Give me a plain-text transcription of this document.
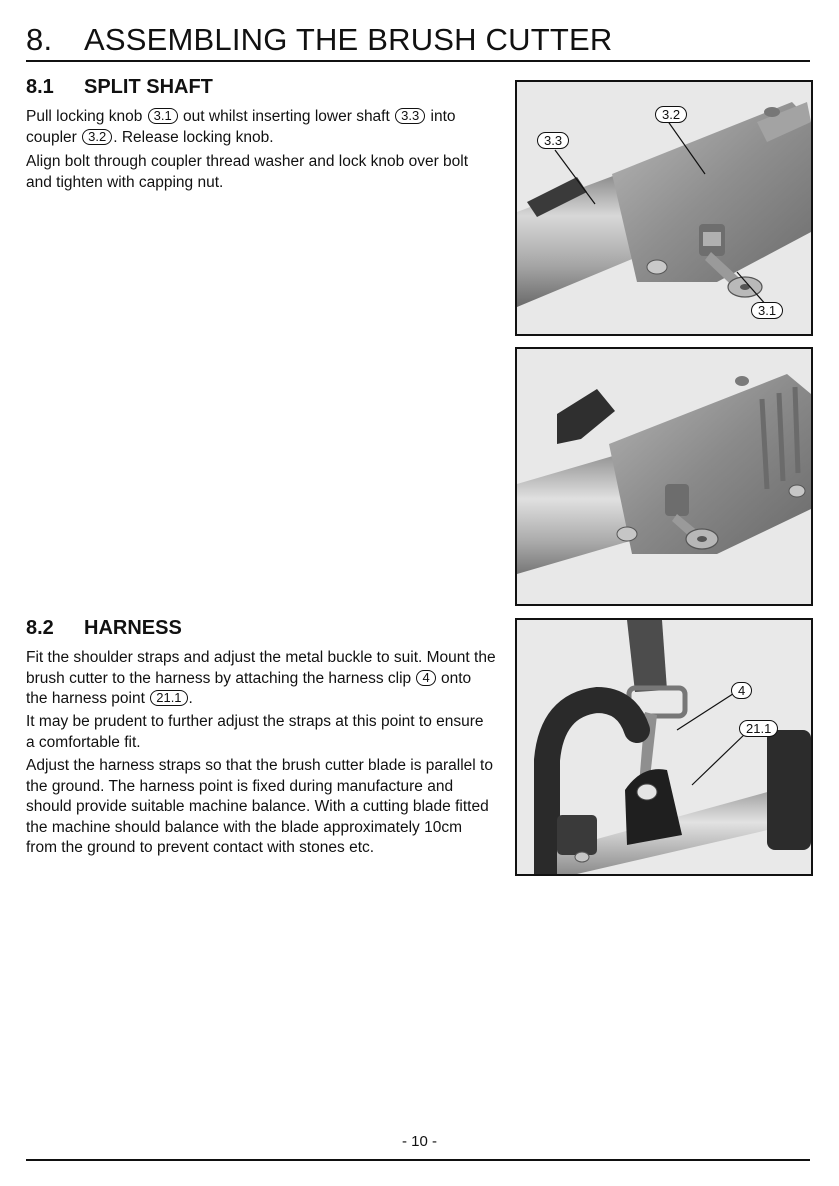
8. ASSEMBLING THE BRUSH CUTTER
8.1 SPLIT SHAFT

Pull locking knob 3.1 out whilst inserting lower shaft 3.3 into coupler 3.2 . Release locking knob.

Align bolt through coupler thread washer and lock knob over bolt and tighten with capping nut.

3.2
3.3
3.1
8.2 HARNESS

Fit the shoulder straps and adjust the metal buckle to suit. Mount the brush cutter to the harness by attaching the harness clip 4 onto the harness point 21.1 .

It may be prudent to further adjust the straps at this point to ensure a comfortable fit.

Adjust the harness straps so that the brush cutter blade is parallel to the ground. The harness point is fixed during manufacture and should provide suitable machine balance. With a cutting blade fitted the machine should balance with the blade approximately 10cm from the ground to prevent contact with stones etc.

4
21.1
- 10 -
